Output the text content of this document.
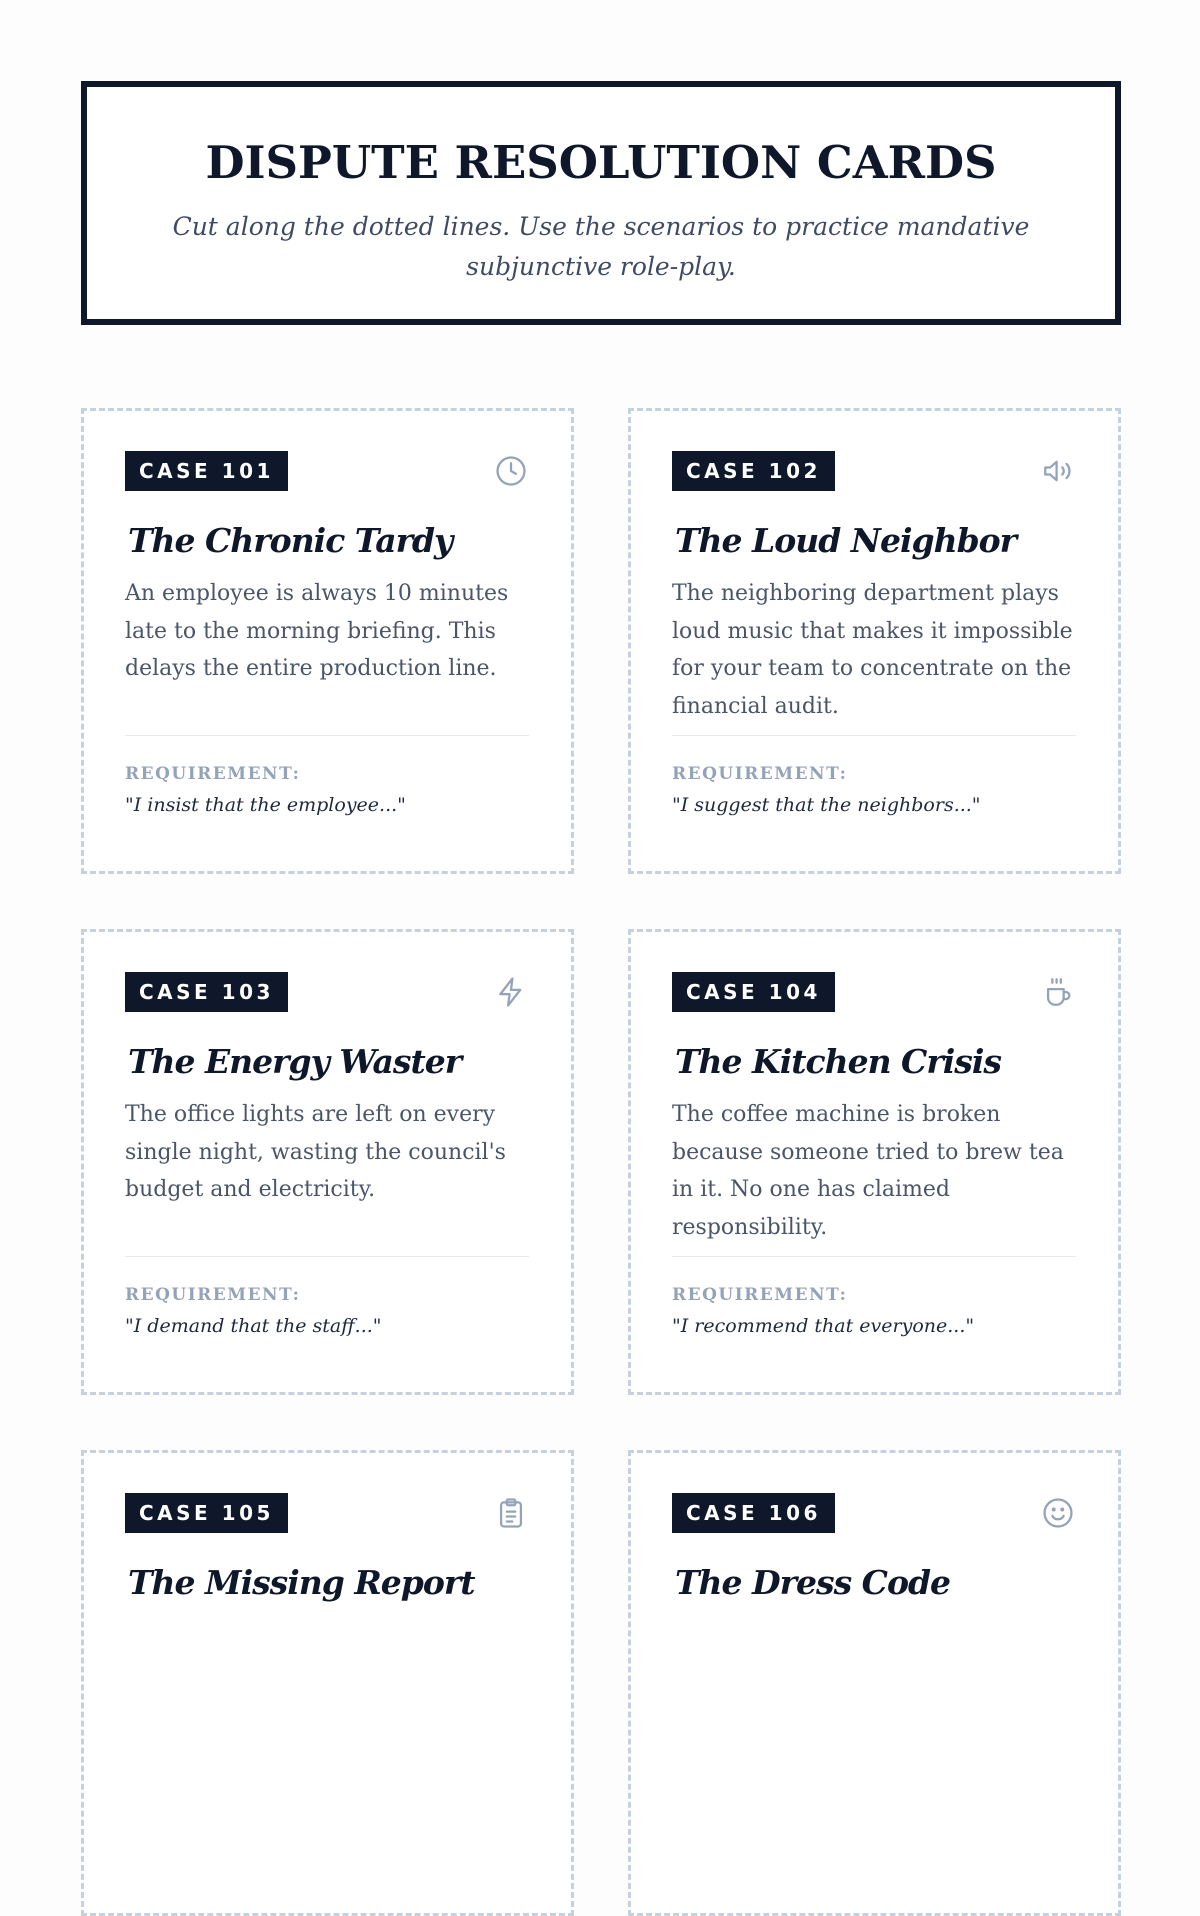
DISPUTE RESOLUTION CARDS
Cut along the dotted lines. Use the scenarios to practice mandative subjunctive role-play.
CASE 101
The Chronic Tardy
An employee is always 10 minutes late to the morning briefing. This delays the entire production line.
REQUIREMENT:
"I insist that the employee..."
CASE 102
The Loud Neighbor
The neighboring department plays loud music that makes it impossible for your team to concentrate on the financial audit.
REQUIREMENT:
"I suggest that the neighbors..."
CASE 103
The Energy Waster
The office lights are left on every single night, wasting the council's budget and electricity.
REQUIREMENT:
"I demand that the staff..."
CASE 104
The Kitchen Crisis
The coffee machine is broken because someone tried to brew tea in it. No one has claimed responsibility.
REQUIREMENT:
"I recommend that everyone..."
CASE 105
The Missing Report
CASE 106
The Dress Code
